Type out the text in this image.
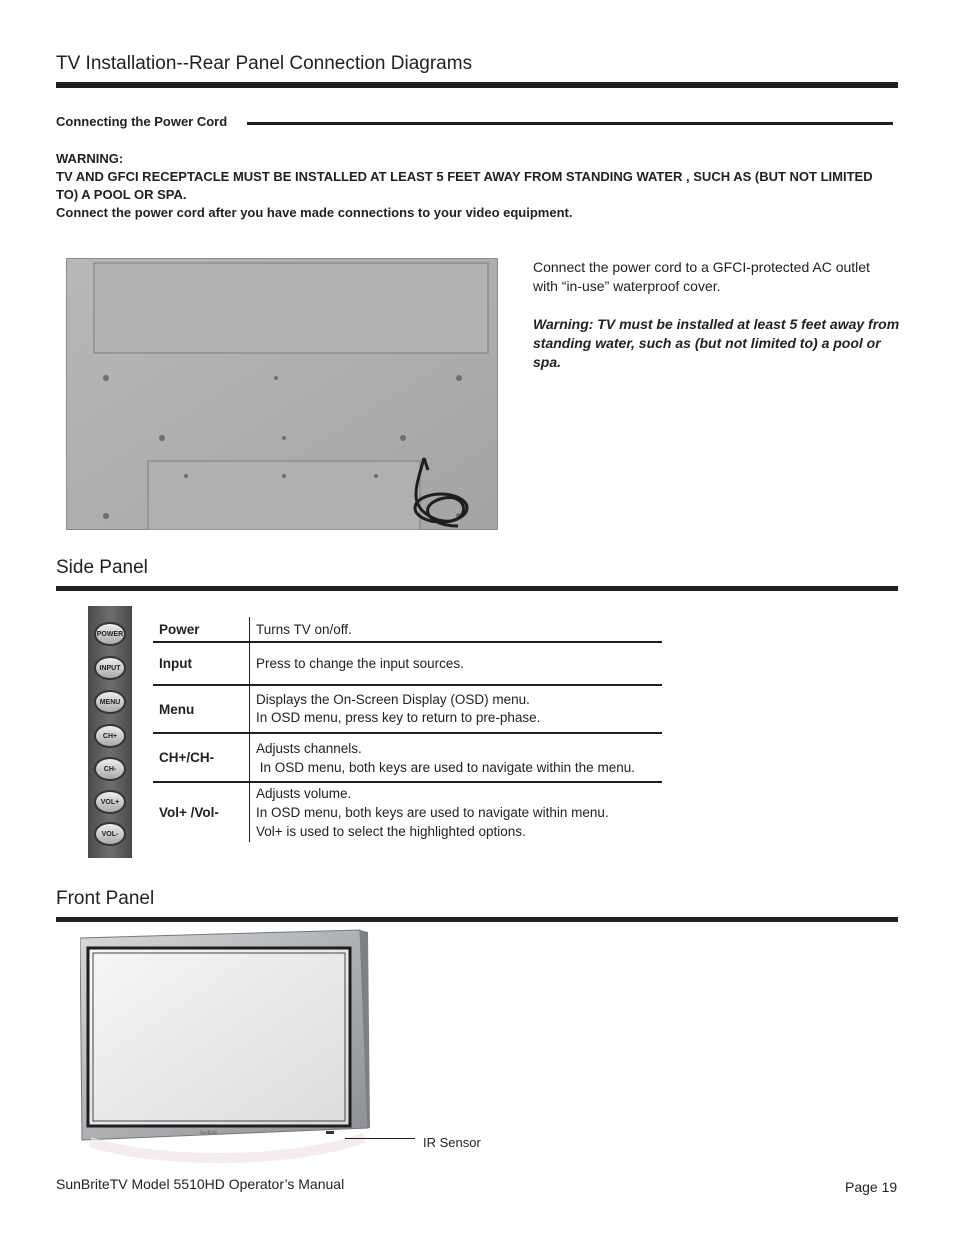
TV Installation--Rear Panel Connection Diagrams
Connecting the Power Cord
WARNING:
TV AND GFCI RECEPTACLE MUST BE INSTALLED AT LEAST 5 FEET AWAY FROM STANDING WATER , SUCH AS (BUT NOT LIMITED
TO) A POOL OR SPA.
Connect the power cord after you have made connections to your video equipment.
Connect the power cord to a GFCI-protected AC outlet
with “in-use” waterproof cover.
Warning: TV must be installed at least 5 feet away from
standing water, such as (but not limited to) a pool or
spa.
Side Panel
POWER
INPUT
MENU
CH+
CH-
VOL+
VOL-
Power	Turns TV on/off.

Input	Press to change the input sources.

Menu	Displays the On-Screen Display (OSD) menu.
In OSD menu, press key to return to pre-phase.

CH+/CH-	Adjusts channels.
In OSD menu, both keys are used to navigate within the menu.

Vol+ /Vol-	Adjusts volume.
In OSD menu, both keys are used to navigate within menu.
Vol+ is used to select the highlighted options.
Front Panel
SunBrite
IR Sensor
SunBriteTV Model 5510HD Operator’s Manual	Page 19
